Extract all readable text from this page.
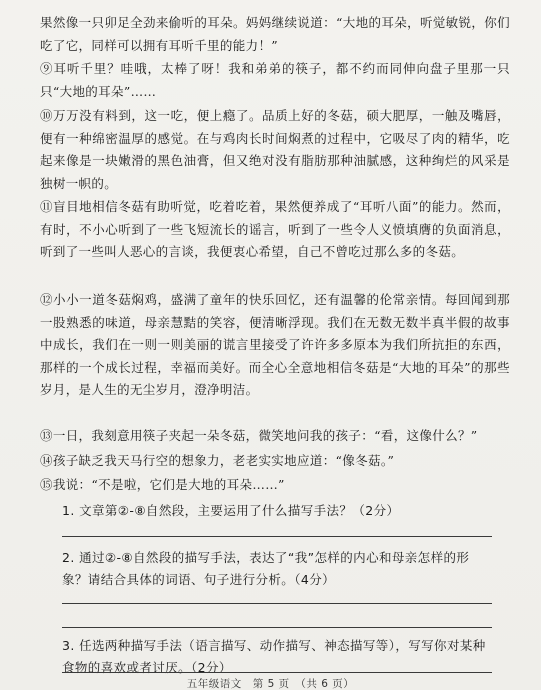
果然像一只卯足全劲来偷听的耳朵。妈妈继续说道：“大地的耳朵，听觉敏锐，你们吃了它，同样可以拥有耳听千里的能力！”

⑨耳听千里？哇哦，太棒了呀！我和弟弟的筷子，都不约而同伸向盘子里那一只只“大地的耳朵”……

⑩万万没有料到，这一吃，便上瘾了。品质上好的冬菇，硕大肥厚，一触及嘴唇，便有一种绵密温厚的感觉。在与鸡肉长时间焖煮的过程中，它吸尽了肉的精华，吃起来像是一块嫩滑的黑色油膏，但又绝对没有脂肪那种油腻感，这种绚烂的风采是独树一帜的。

⑪盲目地相信冬菇有助听觉，吃着吃着，果然便养成了“耳听八面”的能力。然而，有时，不小心听到了一些飞短流长的谣言，听到了一些令人义愤填膺的负面消息，听到了一些叫人恶心的言谈，我便衷心希望，自己不曾吃过那么多的冬菇。

⑫小小一道冬菇焖鸡，盛满了童年的快乐回忆，还有温馨的伦常亲情。每回闻到那一股熟悉的味道，母亲慧黠的笑容，便清晰浮现。我们在无数无数半真半假的故事中成长，我们在一则一则美丽的谎言里接受了许许多多原本为我们所抗拒的东西，那样的一个成长过程，幸福而美好。而全心全意地相信冬菇是“大地的耳朵”的那些岁月，是人生的无尘岁月，澄净明洁。

⑬一日，我刻意用筷子夹起一朵冬菇，微笑地问我的孩子：“看，这像什么？”

⑭孩子缺乏我天马行空的想象力，老老实实地应道：“像冬菇。”

⑮我说：“不是啦，它们是大地的耳朵……”

1. 文章第②-⑧自然段，主要运用了什么描写手法？（2分）

2. 通过②-⑧自然段的描写手法，表达了“我”怎样的内心和母亲怎样的形象？请结合具体的词语、句子进行分析。（4分）

3. 任选两种描写手法（语言描写、动作描写、神态描写等），写写你对某种食物的喜欢或者讨厌。（2分）

五年级语文　第 5 页　（共 6 页）
